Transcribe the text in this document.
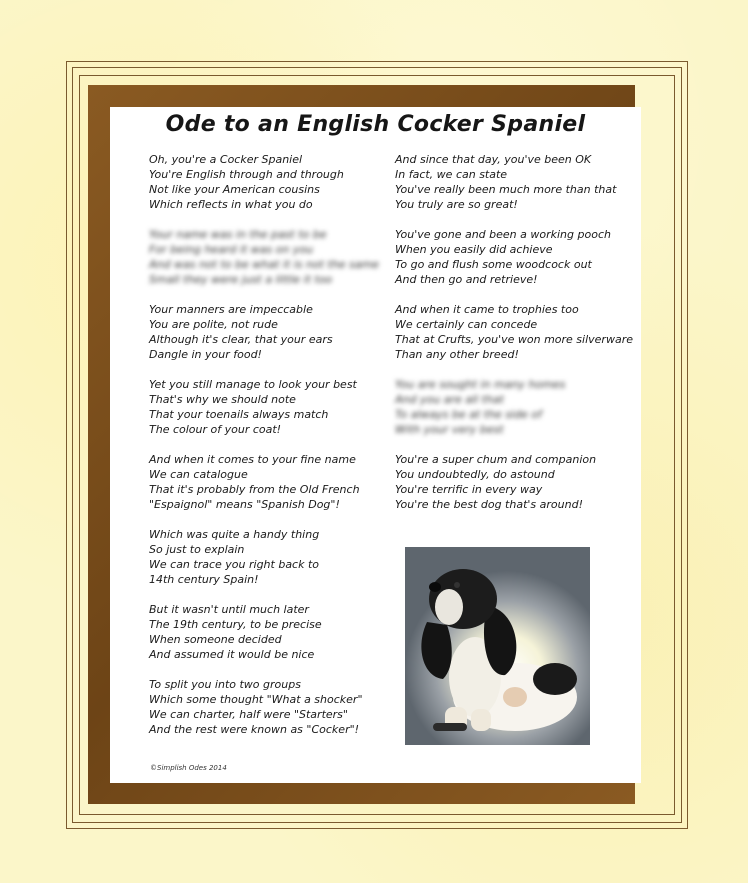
Ode to an English Cocker Spaniel
Oh, you're a Cocker Spaniel
You're English through and through
Not like your American cousins
Which reflects in what you do
Your name was in the past to be
For being heard it was on you
And was not to be what it is not the same
Small they were just a little it too
Your manners are impeccable
You are polite, not rude
Although it's clear, that your ears
Dangle in your food!
Yet you still manage to look your best
That's why we should note
That your toenails always match
The colour of your coat!
And when it comes to your fine name
We can catalogue
That it's probably from the Old French
"Espaignol" means "Spanish Dog"!
Which was quite a handy thing
So just to explain
We can trace you right back to
14th century Spain!
But it wasn't until much later
The 19th century, to be precise
When someone decided
And assumed it would be nice
To split you into two groups
Which some thought "What a shocker"
We can charter, half were "Starters"
And the rest were known as "Cocker"!
And since that day, you've been OK
In fact, we can state
You've really been much more than that
You truly are so great!
You've gone and been a working pooch
When you easily did achieve
To go and flush some woodcock out
And then go and retrieve!
And when it came to trophies too
We certainly can concede
That at Crufts, you've won more silverware
Than any other breed!
You are sought in many homes
And you are all that
To always be at the side of
With your very best
You're a super chum and companion
You undoubtedly, do astound
You're terrific in every way
You're the best dog that's around!
©Simplish Odes 2014
